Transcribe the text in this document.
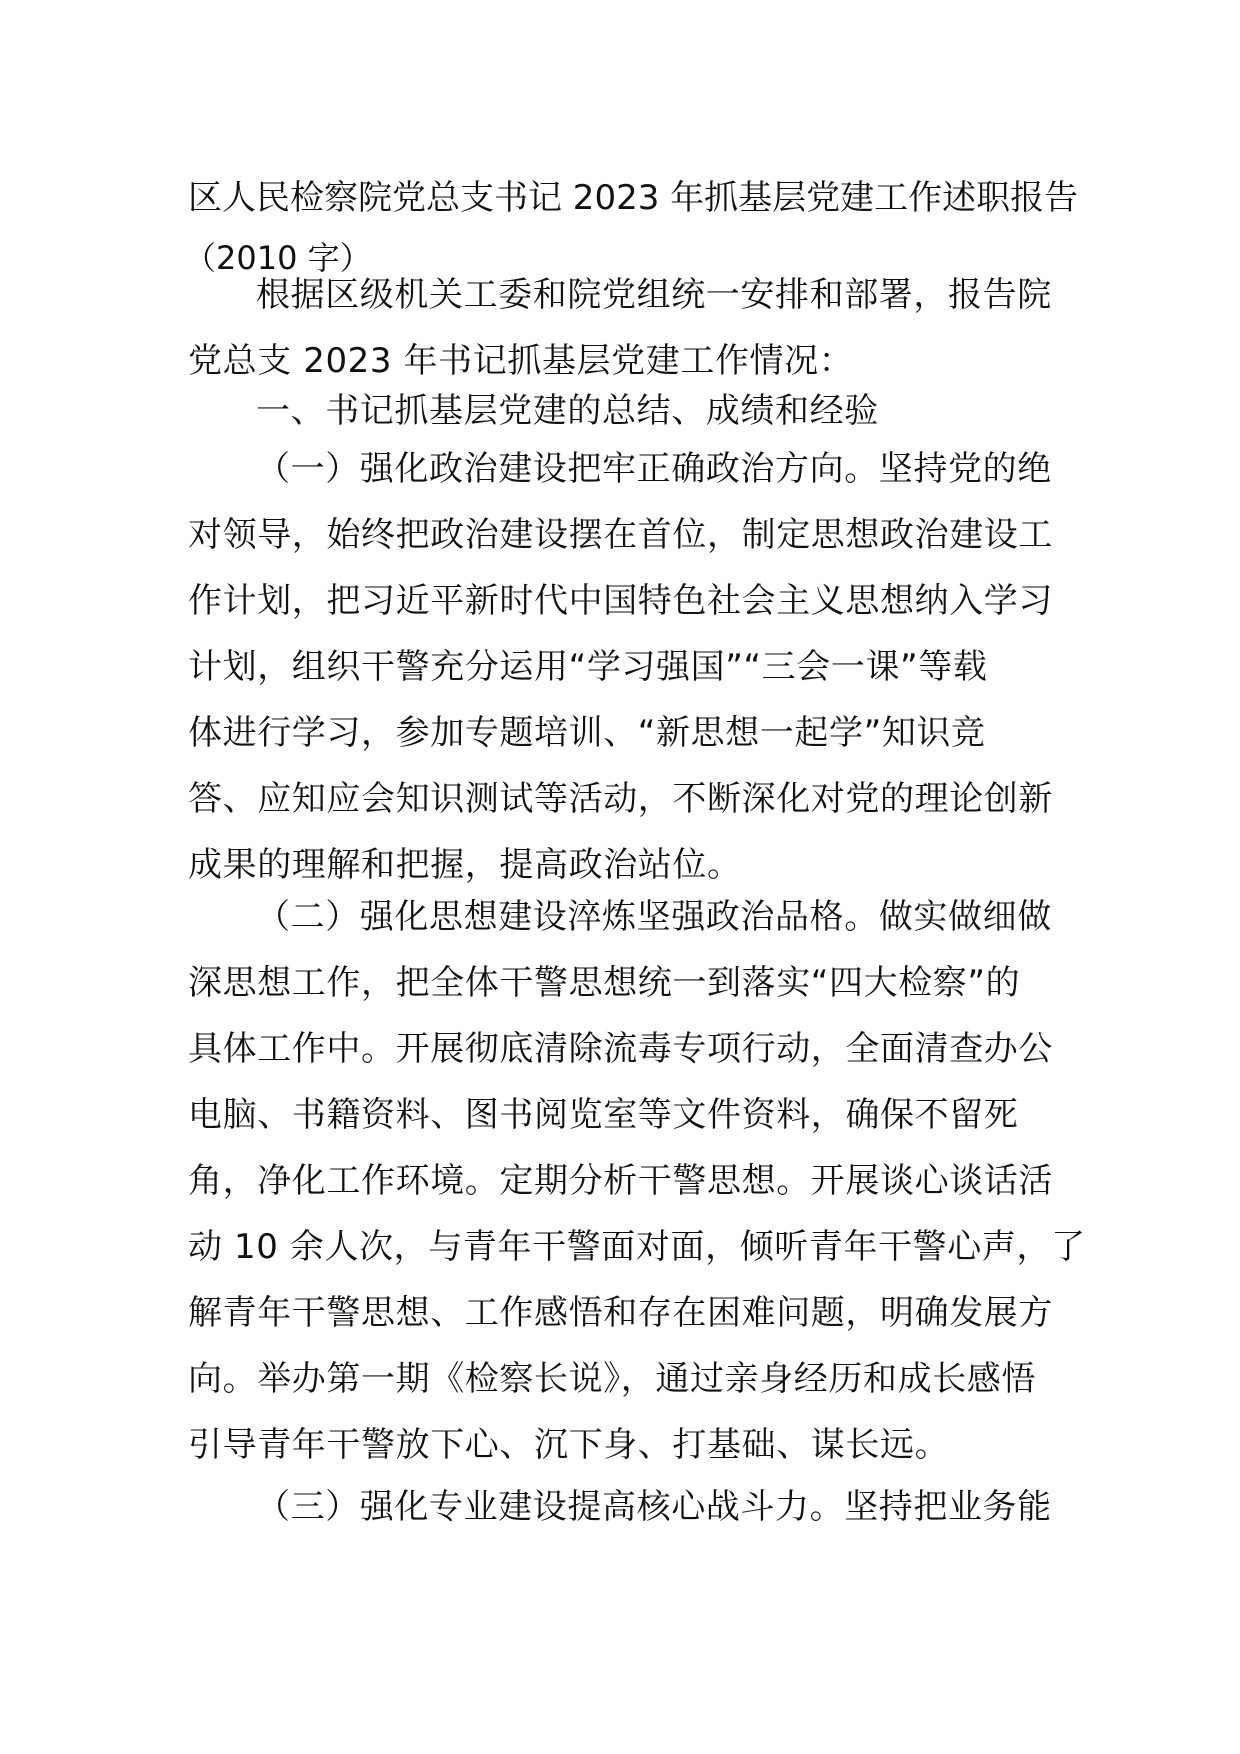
区人民检察院党总支书记 2023 年抓基层党建工作述职报告
（2010 字）
根据区级机关工委和院党组统一安排和部署，报告院
党总支 2023 年书记抓基层党建工作情况：
一、书记抓基层党建的总结、成绩和经验
（一）强化政治建设把牢正确政治方向。坚持党的绝
对领导，始终把政治建设摆在首位，制定思想政治建设工
作计划，把习近平新时代中国特色社会主义思想纳入学习
计划，组织干警充分运用“学习强国”“三会一课”等载
体进行学习，参加专题培训、“新思想一起学”知识竞
答、应知应会知识测试等活动，不断深化对党的理论创新
成果的理解和把握，提高政治站位。
（二）强化思想建设淬炼坚强政治品格。做实做细做
深思想工作，把全体干警思想统一到落实“四大检察”的
具体工作中。开展彻底清除流毒专项行动，全面清查办公
电脑、书籍资料、图书阅览室等文件资料，确保不留死
角，净化工作环境。定期分析干警思想。开展谈心谈话活
动 10 余人次，与青年干警面对面，倾听青年干警心声，了
解青年干警思想、工作感悟和存在困难问题，明确发展方
向。举办第一期《检察长说》，通过亲身经历和成长感悟
引导青年干警放下心、沉下身、打基础、谋长远。
（三）强化专业建设提高核心战斗力。坚持把业务能
